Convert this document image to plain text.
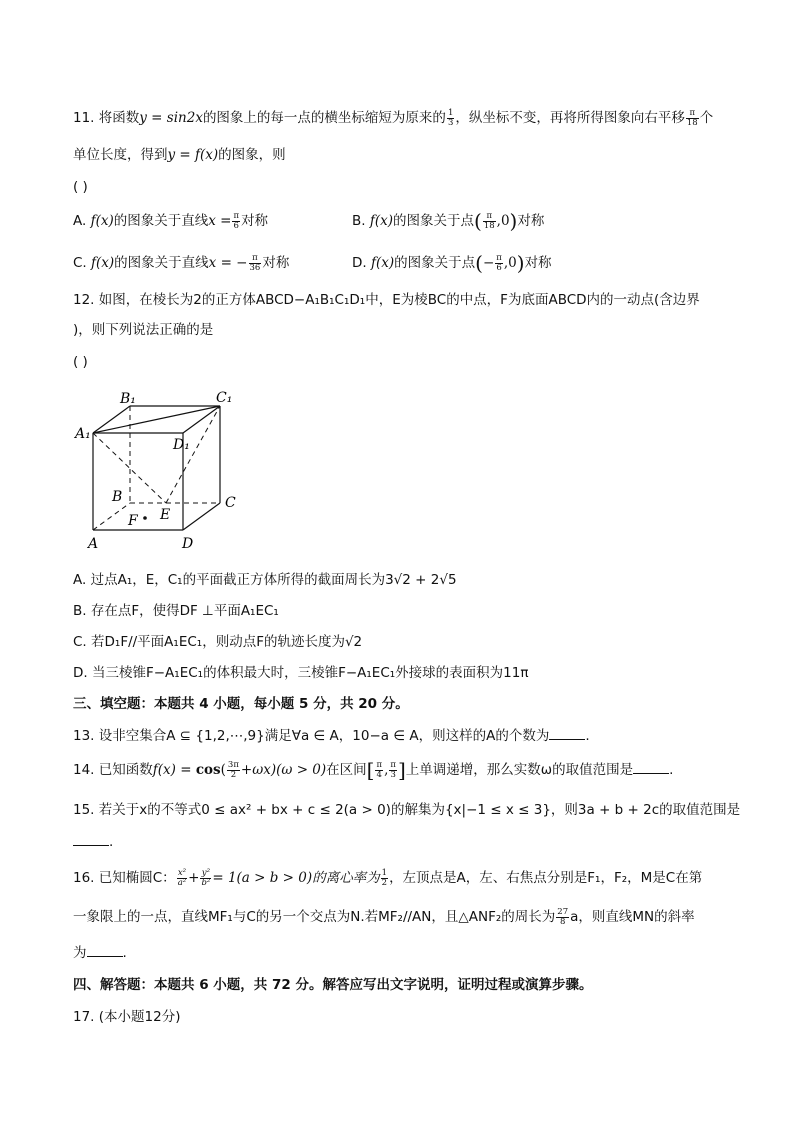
11. 将函数y = sin2x的图象上的每一点的横坐标缩短为原来的 $\frac{1}{3}$ ，纵坐标不变，再将所得图象向右平移 $\frac{\pi}{18}$ 个
单位长度，得到y = f(x)的图象，则
( )
A. f(x)的图象关于直线$x = \frac{\pi}{6}$ 对称	B. f(x)的图象关于点( $\frac{\pi}{18} ,0$)对称
C. f(x)的图象关于直线x = − $\frac{\pi}{36}$ 对称	D. f(x)的图象关于点(− $\frac{\pi}{6} ,0$)对称
12. 如图，在棱长为2的正方体ABCD−A₁B₁C₁D₁中，E为棱BC的中点，F为底面ABCD内的一动点(含边界
)，则下列说法正确的是
( )
B₁	C₁
A₁
D₁
B	C
E
F
A	D
A. 过点A₁，E，C₁的平面截正方体所得的截面周长为3√2 + 2√5
B. 存在点F，使得DF ⊥平面A₁EC₁
C. 若D₁F//平面A₁EC₁，则动点F的轨迹长度为√2
D. 当三棱锥F−A₁EC₁的体积最大时，三棱锥F−A₁EC₁外接球的表面积为11π
三、填空题：本题共 4 小题，每小题 5 分，共 20 分。
13. 设非空集合A ⊆ {1,2,⋯,9}满足∀a ∈ A，10−a ∈ A，则这样的A的个数为	.
14. 已知函数$f(x) = \cos( \frac{3\pi}{2} +\omega x)(\omega > 0)$在区间[ $\frac{\pi}{4}$ , $\frac{\pi}{3}$ ]上单调递增，那么实数ω的取值范围是	.
15. 若关于x的不等式0 ≤ ax² + bx + c ≤ 2(a > 0)的解集为{x|−1 ≤ x ≤ 3}，则3a + b + 2c的取值范围是
.
16. 已知椭圆C： $\frac{\text{x²}}{\text{a²}} + \frac{\text{y²}}{\text{b²}} = 1(a > b > 0)$的离心率为 $\frac{1}{2}$ ，左顶点是A，左、右焦点分别是F₁，F₂，M是C在第
一象限上的一点，直线MF₁与C的另一个交点为N.若MF₂//AN，且△ANF₂的周长为 $\frac{27}{8}$ a，则直线MN的斜率
为	.
四、解答题：本题共 6 小题，共 72 分。解答应写出文字说明，证明过程或演算步骤。
17. (本小题12分)
